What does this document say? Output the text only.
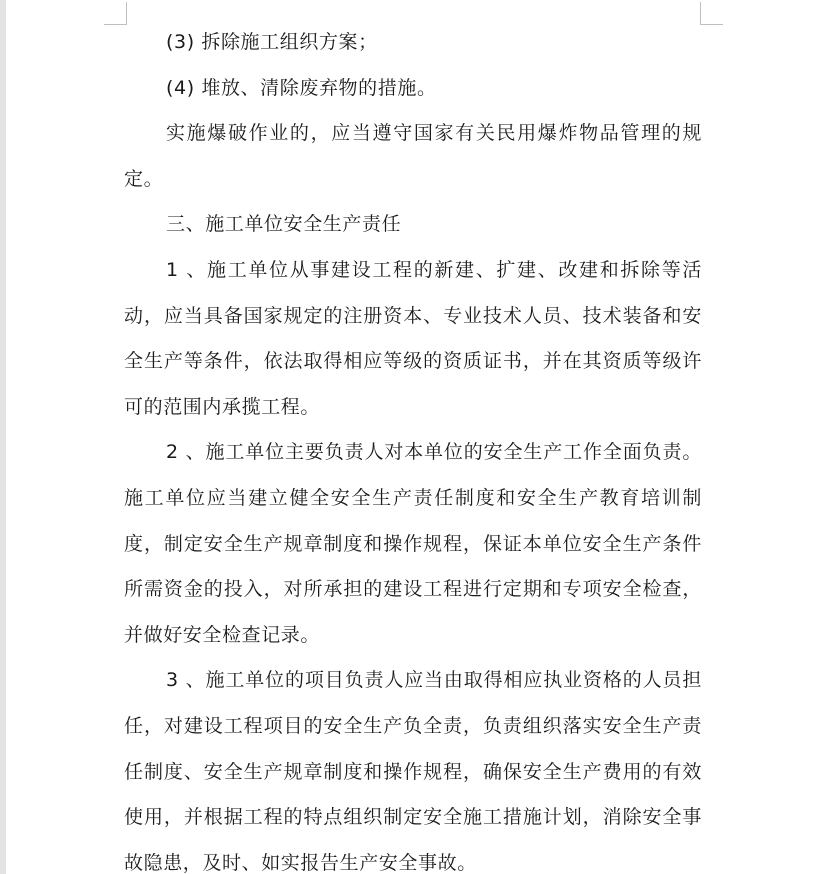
(3) 拆除施工组织方案；

(4) 堆放、清除废弃物的措施。

实施爆破作业的，应当遵守国家有关民用爆炸物品管理的规定。

三、施工单位安全生产责任

1 、施工单位从事建设工程的新建、扩建、改建和拆除等活动，应当具备国家规定的注册资本、专业技术人员、技术装备和安全生产等条件，依法取得相应等级的资质证书，并在其资质等级许可的范围内承揽工程。

2 、施工单位主要负责人对本单位的安全生产工作全面负责。施工单位应当建立健全安全生产责任制度和安全生产教育培训制度，制定安全生产规章制度和操作规程，保证本单位安全生产条件所需资金的投入，对所承担的建设工程进行定期和专项安全检查，并做好安全检查记录。

3 、施工单位的项目负责人应当由取得相应执业资格的人员担任，对建设工程项目的安全生产负全责，负责组织落实安全生产责任制度、安全生产规章制度和操作规程，确保安全生产费用的有效使用，并根据工程的特点组织制定安全施工措施计划，消除安全事故隐患，及时、如实报告生产安全事故。
